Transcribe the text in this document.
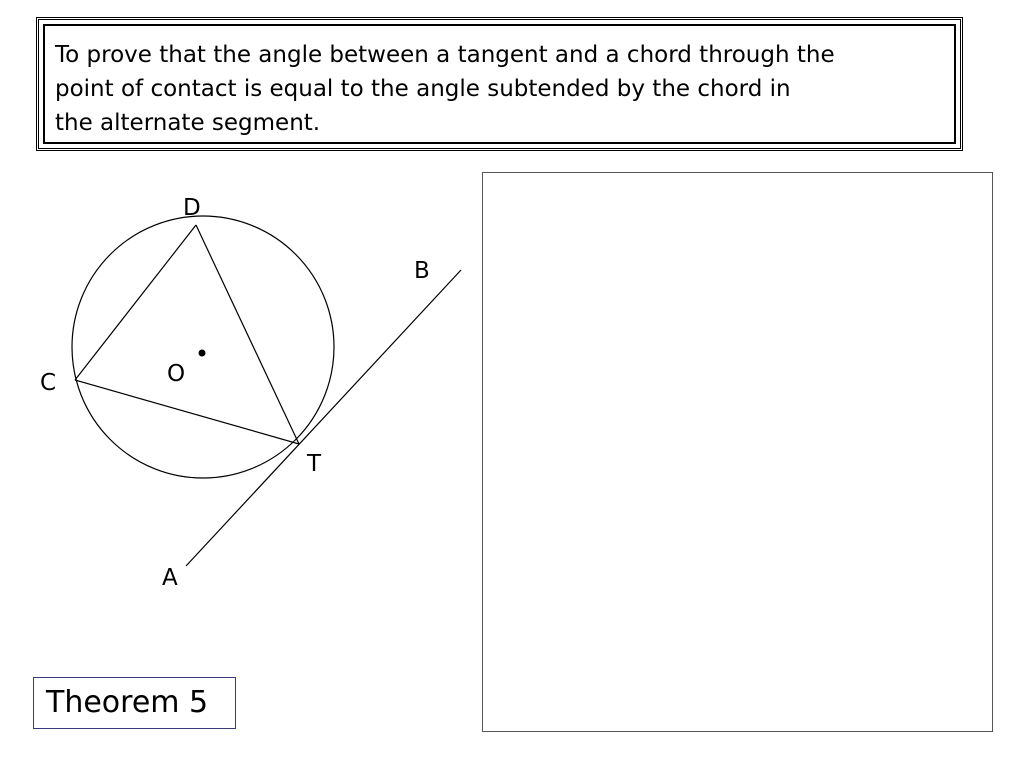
To prove that the angle between a tangent and a chord through the
point of contact is equal to the angle subtended by the chord in
the alternate segment.

D
B
C	O
T
A
Theorem 5
